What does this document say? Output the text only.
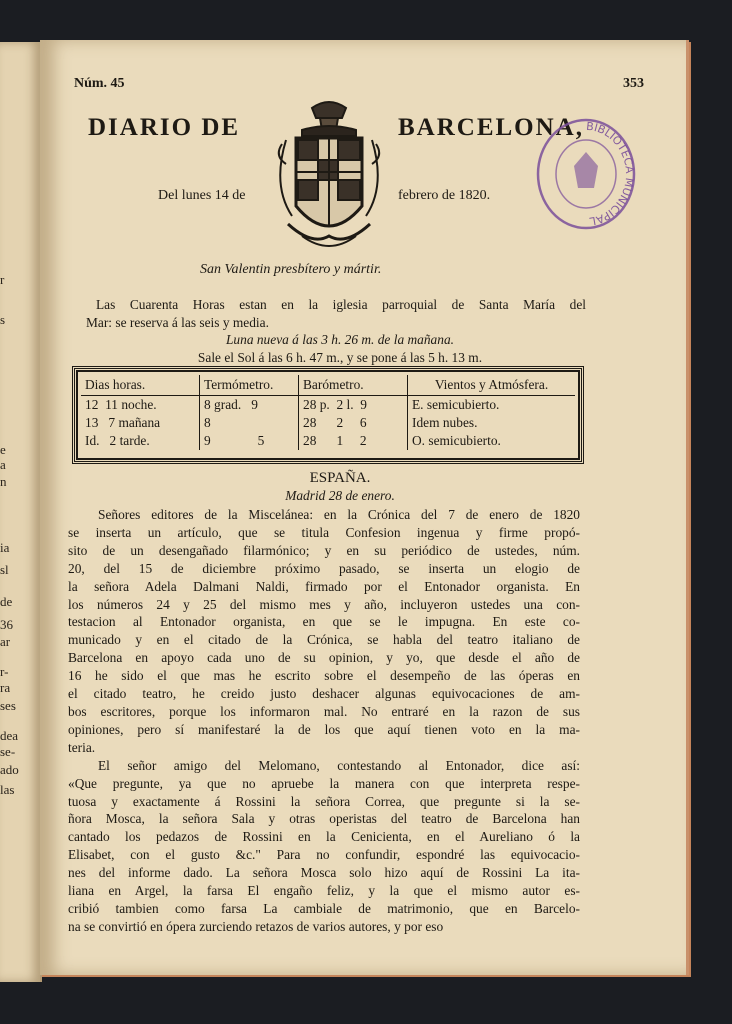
r
s
e
a
n
ia
sl
de
36
ar
r-
ra
ses
dea
se-
ado
las
Núm. 45	353
DIARIO DE	BARCELONA,
Del lunes 14 de	febrero de 1820.
BIBLIOTECA MUNICIPAL
San Valentin presbítero y mártir.
Las Cuarenta Horas estan en la iglesia parroquial de Santa María del
Mar: se reserva á las seis y media.
Luna nueva á las 3 h. 26 m. de la mañana.
Sale el Sol á las 6 h. 47 m., y se pone á las 5 h. 13 m.
Dias horas.	Termómetro.	Barómetro.	Vientos y Atmósfera.
12  11 noche.	8 grad.   9	28 p.  2 l.  9	E. semicubierto.
13   7 mañana	8	28      2     6	Idem nubes.
Id.   2 tarde.	9              5	28      1     2	O. semicubierto.
ESPAÑA.
Madrid 28 de enero.
Señores editores de la Miscelánea: en la Crónica del 7 de enero de 1820
se inserta un artículo, que se titula Confesion ingenua y firme propó-
sito de un desengañado filarmónico; y en su periódico de ustedes, núm.
20, del 15 de diciembre próximo pasado, se inserta un elogio de
la señora Adela Dalmani Naldi, firmado por el Entonador organista. En
los números 24 y 25 del mismo mes y año, incluyeron ustedes una con-
testacion al Entonador organista, en que se le impugna. En este co-
municado y en el citado de la Crónica, se habla del teatro italiano de
Barcelona en apoyo cada uno de su opinion, y yo, que desde el año de
16 he sido el que mas he escrito sobre el desempeño de las óperas en
el citado teatro, he creido justo deshacer algunas equivocaciones de am-
bos escritores, porque los informaron mal. No entraré en la razon de sus
opiniones, pero sí manifestaré la de los que aquí tienen voto en la ma-
teria.
El señor amigo del Melomano, contestando al Entonador, dice así:
«Que pregunte, ya que no apruebe la manera con que interpreta respe-
tuosa y exactamente á Rossini la señora Correa, que pregunte si la se-
ñora Mosca, la señora Sala y otras operistas del teatro de Barcelona han
cantado los pedazos de Rossini en la Cenicienta, en el Aureliano ó la
Elisabet, con el gusto &c." Para no confundir, espondré las equivocacio-
nes del informe dado. La señora Mosca solo hizo aquí de Rossini La ita-
liana en Argel, la farsa El engaño feliz, y la que el mismo autor es-
cribió tambien como farsa La cambiale de matrimonio, que en Barcelo-
na se convirtió en ópera zurciendo retazos de varios autores, y por eso
